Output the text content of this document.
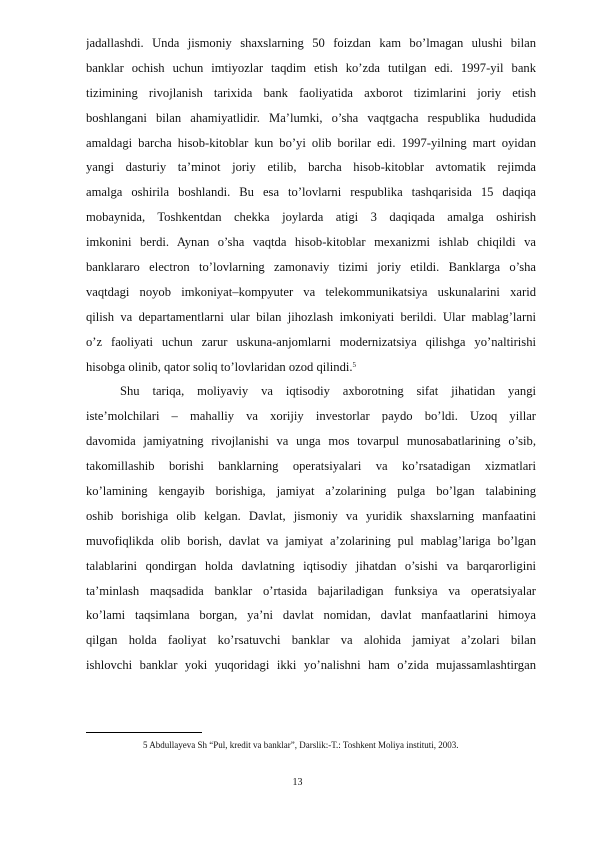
jadallashdi. Unda jismoniy shaxslarning 50 foizdan kam bo’lmagan ulushi bilan
banklar ochish uchun imtiyozlar taqdim etish ko’zda tutilgan edi. 1997-yil bank
tizimining rivojlanish tarixida bank faoliyatida axborot tizimlarini joriy etish
boshlangani bilan ahamiyatlidir. Ma’lumki, o’sha vaqtgacha respublika hududida
amaldagi barcha hisob-kitoblar kun bo’yi olib borilar edi. 1997-yilning mart oyidan
yangi dasturiy ta’minot joriy etilib, barcha hisob-kitoblar avtomatik rejimda
amalga oshirila boshlandi. Bu esa to’lovlarni respublika tashqarisida 15 daqiqa
mobaynida, Toshkentdan chekka joylarda atigi 3 daqiqada amalga oshirish
imkonini berdi. Aynan o’sha vaqtda hisob-kitoblar mexanizmi ishlab chiqildi va
banklararo electron to’lovlarning zamonaviy tizimi joriy etildi. Banklarga o’sha
vaqtdagi noyob imkoniyat–kompyuter va telekommunikatsiya uskunalarini xarid
qilish va departamentlarni ular bilan jihozlash imkoniyati berildi. Ular mablag’larni
o’z faoliyati uchun zarur uskuna-anjomlarni modernizatsiya qilishga yo’naltirishi
hisobga olinib, qator soliq to’lovlaridan ozod qilindi.$^5$
Shu tariqa, moliyaviy va iqtisodiy axborotning sifat jihatidan yangi
iste’molchilari – mahalliy va xorijiy investorlar paydo bo’ldi. Uzoq yillar
davomida jamiyatning rivojlanishi va unga mos tovarpul munosabatlarining o’sib,
takomillashib borishi banklarning operatsiyalari va ko’rsatadigan xizmatlari
ko’lamining kengayib borishiga, jamiyat a’zolarining pulga bo’lgan talabining
oshib borishiga olib kelgan. Davlat, jismoniy va yuridik shaxslarning manfaatini
muvofiqlikda olib borish, davlat va jamiyat a’zolarining pul mablag’lariga bo’lgan
talablarini qondirgan holda davlatning iqtisodiy jihatdan o’sishi va barqarorligini
ta’minlash maqsadida banklar o’rtasida bajariladigan funksiya va operatsiyalar
ko’lami taqsimlana borgan, ya’ni davlat nomidan, davlat manfaatlarini himoya
qilgan holda faoliyat ko’rsatuvchi banklar va alohida jamiyat a’zolari bilan
ishlovchi banklar yoki yuqoridagi ikki yo’nalishni ham o’zida mujassamlashtirgan
5 Abdullayeva Sh “Pul, kredit va banklar”, Darslik:-T.: Toshkent Moliya instituti, 2003.
13
